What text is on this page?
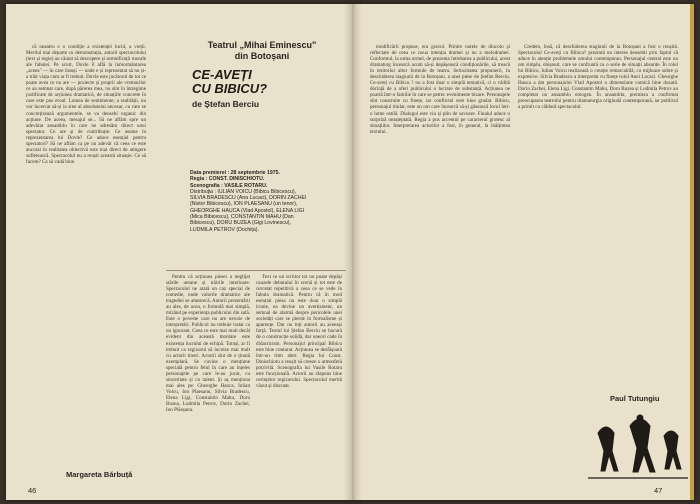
că neantru e o condiție a existenței lucid, a vieții. Meritul mai departe cu demonstrația, autorii spectacolului (text și regie) au căutat să descopere și semnificații morale ale fabulei. Pe scurt, Dovle îl află la înmormântarea „aceea" — în care însuși — unde e și reprezentat să nu și-a trăit viața cum ar fi trebuit. Dovle este jucătorul de tot ce poate avea ce nu are — proiecte și proprii ale vremurilor ce au semnat care, după părerea mea, nu sînt în întregime justificate de acțiunea dramatică, de situațiile concrete în care este pus eroul. Lumea de sentimente, a realității, nu vor încercat să-și ia sine al absolutului necesar, cu care se concrețizează argumentele, se va deosebi organic din acțiune. De aceea, mesajul se... Să ne aflăm spre un adevărat ansamblu în care ne adresăm direct unui spectator. Ce are și de contribuție: Ce asume în reprezentarea lui Dovle? Ce aduce esențial pentru spectatori? Să ne aflăm ca pe un adevăr că ceea ce este ancorat în realitatea obiectivă este mai direct de atingere sufletească. Spectacolul nu a reușit această situație. Ce să facem? Ca să vadă bine.

Teatrul „Mihai Eminescu"
din Botoșani
CE-AVEȚI
CU BIBICU?
de Ștefan Berciu
Data premierei : 28 septembrie 1975.
Regia : CONST. DINISCHIOTU.
Scenografia : VASILE ROTARU.
Distribuția : IULIAN VOICU (Bibicu Bibicescu), SILVIA BRADESCU (Ana Lucaci), DORIN ZACHEI (Nistor Bibicescu), ION PLAESANU (un tenor), GHEORGHE HAUCA (Vlad Apostol), ELENA LIGI (Mica Bibicescu), CONSTANTIN MAHU (Dan Bibicescu), DORU BUZEA (Gigi Lovinescu), LUDMILA PETROV (Dochița).

Pentru că acțiunea piesei a neglijat stările umane și trăirile interioare. Spectacolul ne arată un caz special de comedie, unde valorile dramatice ale tragediei se amestecă. Autorii prezentării au ales, de acea, o formulă mai simplă, mizând pe experiența publicului din sală. Este o poveste care nu are nevoie de interpretări. Publicul nu trebuie tratat ca un ignorant. Ceea ce este mai mult decât evident din această montare este existența lucrului de echipă. Totuși, ar fi trebuit ca regizorul să lucreze mai mult cu actorii tineri. Actorii sînt de o ținută exemplară. Se cuvine o mențiune specială pentru felul în care au înțeles personajele pe care le-au jucat, cu sinceritate și cu talent. Și aș menționa mai ales pe: Gheorghe Hauca, Iulian Voicu, Ion Plaesanu, Silvia Bradescu, Elena Ligi, Constantin Mahu, Doru Buzea, Ludmila Petrov, Dorin Zachei, Ion Plăeșanu.

Text ce un scriitor tot nu poate depăși cauzele debutului în scenă și tot este de cercetat repetitivă a ceea ce se vede în fabula dramatică. Pentru că în mod esențial piesa nu este doar o simplă ironie, ea devine un avertisment, un semnal de alarmă despre pericolele unei societăți care se pierde în formalisme și aparențe. Dar nu toți autorii au aceeași forță. Textul lui Ștefan Berciu se bucură de o construcție solidă, dar uneori cade în didacticism. Personajul principal Bibicu este bine conturat. Acțiunea se desfășoară într-un ritm alert. Regia lui Const. Dinischiotu a reușit să creeze o atmosferă potrivită. Scenografia lui Vasile Rotaru este funcțională. Actorii au răspuns bine cerințelor regizorului. Spectacolul merită văzut și discutat.

Margareta Bărbuță
46

modificării propuse, era gravul. Printre notele de dincolo și reflectate de ceea ce noua intenția dramei și nu a melodramei. Conformul, la urma urmei, de prezenta întrebarea a publicului, acest dramaturg încearcă acum să-și depășească condiționările, să treacă în teritoriul altor formule de teatru. Seriozitatea propunerii, în deschiderea stagiunii de la Botoșani, a unei piese de Ștefan Berciu, Ce-aveți cu Bibicu ? nu a fost doar o simplă tentativă, ci o vădită dorință de a oferi publicului o lucrare de substanță. Acțiunea ne poartă într-o familie în care se petrec evenimente bizare. Personajele sînt construite cu finețe, iar conflictul este bine gradat. Bibicu, personajul titular, este un om care încearcă să-și găsească locul într-o lume ostilă. Dialogul este viu și plin de savoare. Finalul aduce o surpriză neașteptată. Regia a pus accentul pe caracterul grotesc al situațiilor. Interpretarea actorilor a fost, în general, la înălțimea textului.

Credem, însă, că deschiderea stagiunii de la Botoșani a fost o reușită. Spectacolul Ce-aveți cu Bibicu? prezintă un interes deosebit prin faptul că aduce în atenție problemele omului contemporan. Personajul central este un om simplu, obișnuit, care se confruntă cu o serie de situații absurde. În rolul lui Bibicu, Iulian Voicu realizează o creație remarcabilă, cu mijloace sobre și expresive. Silvia Bradescu a interpretat cu finețe rolul Anei Lucaci. Gheorghe Hauca a dat personajului Vlad Apostol o dimensiune comică bine dozată. Dorin Zachei, Elena Ligi, Constantin Mahu, Doru Buzea și Ludmila Petrov au completat un ansamblu omogen. În ansamblu, premiera a confirmat preocuparea teatrului pentru dramaturgia originală contemporană, iar publicul a primit cu căldură spectacolul.

Paul Tutungiu
47
